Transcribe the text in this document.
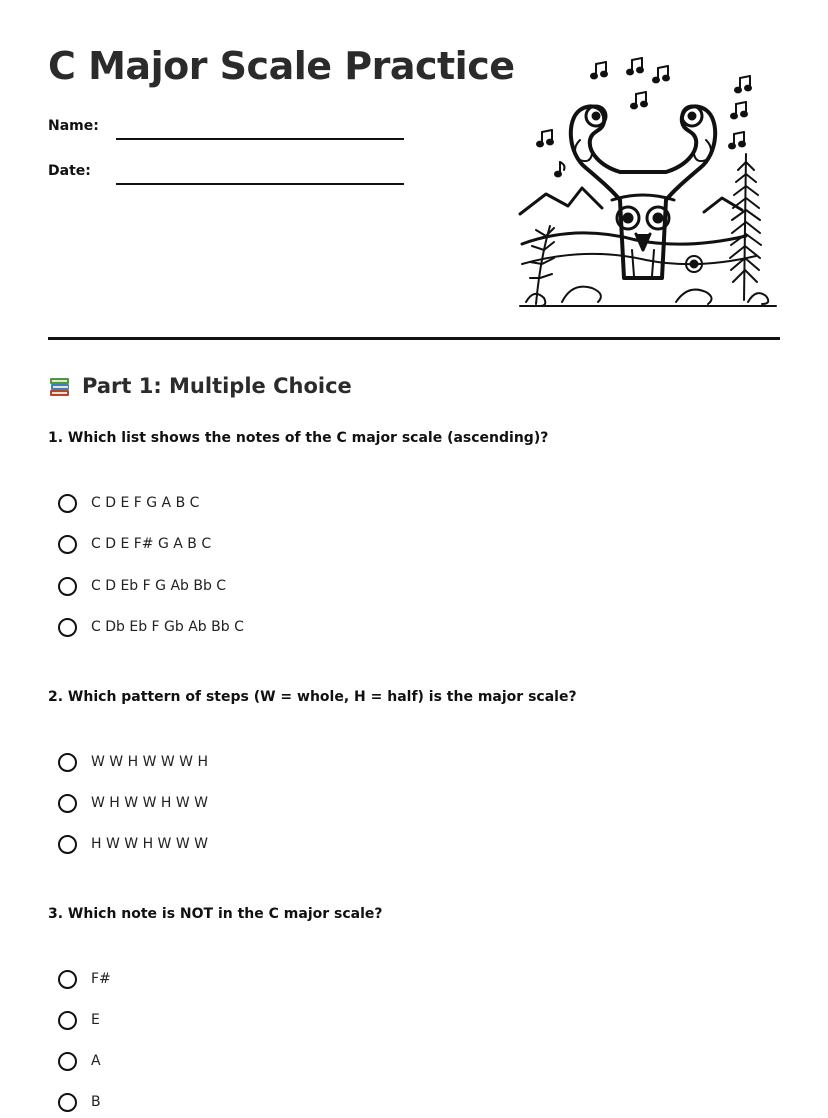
C Major Scale Practice
Name:
Date:
Part 1: Multiple Choice

1. Which list shows the notes of the C major scale (ascending)?

C D E F G A B C
C D E F# G A B C
C D Eb F G Ab Bb C
C Db Eb F Gb Ab Bb C

2. Which pattern of steps (W = whole, H = half) is the major scale?

W W H W W W H
W H W W H W W
H W W H W W W

3. Which note is NOT in the C major scale?

F#
E
A
B
